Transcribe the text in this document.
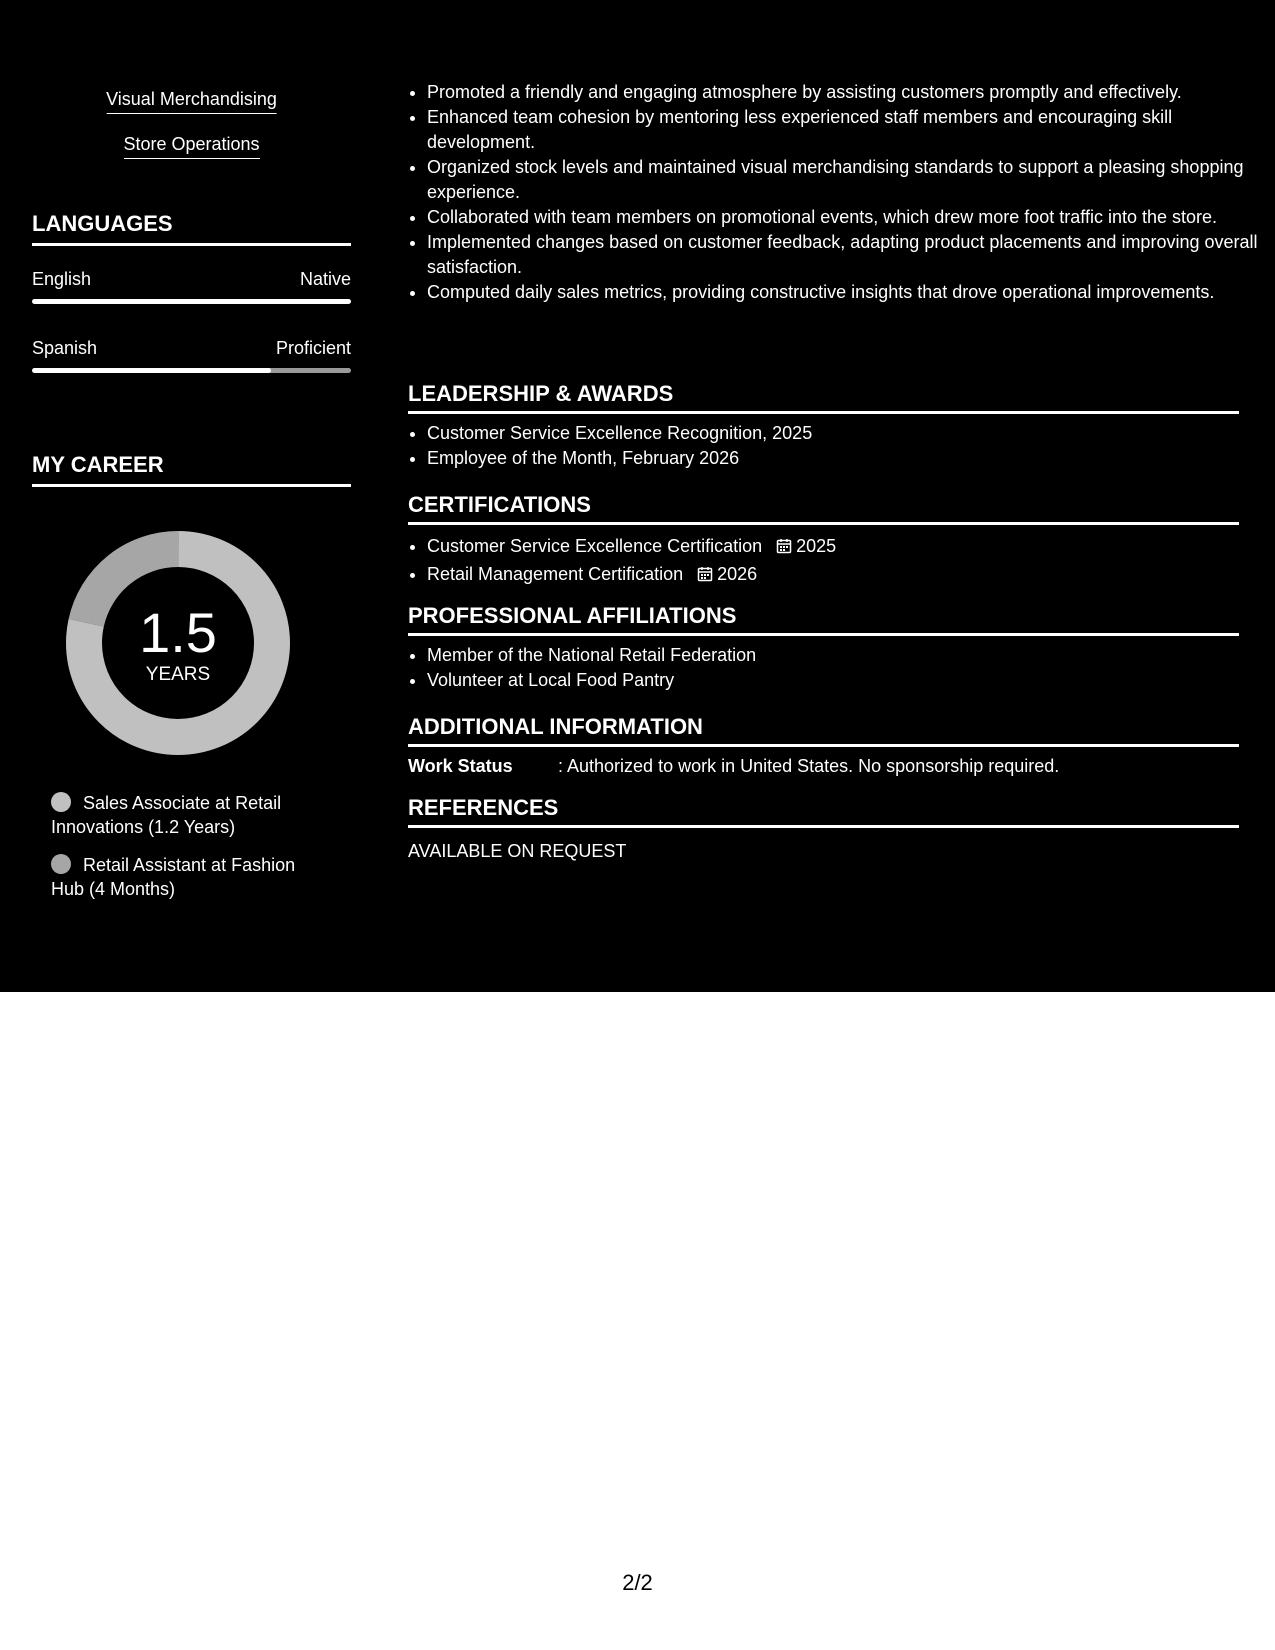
Visual Merchandising
Store Operations
LANGUAGES
English	Native
Spanish	Proficient
MY CAREER
1.5
YEARS
Sales Associate at Retail Innovations (1.2 Years)
Retail Assistant at Fashion Hub (4 Months)
• Promoted a friendly and engaging atmosphere by assisting customers promptly and effectively.
• Enhanced team cohesion by mentoring less experienced staff members and encouraging skill development.
• Organized stock levels and maintained visual merchandising standards to support a pleasing shopping experience.
• Collaborated with team members on promotional events, which drew more foot traffic into the store.
• Implemented changes based on customer feedback, adapting product placements and improving overall satisfaction.
• Computed daily sales metrics, providing constructive insights that drove operational improvements.
LEADERSHIP & AWARDS
• Customer Service Excellence Recognition, 2025
• Employee of the Month, February 2026
CERTIFICATIONS
• Customer Service Excellence Certification 2025
• Retail Management Certification 2026
PROFESSIONAL AFFILIATIONS
• Member of the National Retail Federation
• Volunteer at Local Food Pantry
ADDITIONAL INFORMATION
Work Status	: Authorized to work in United States. No sponsorship required.
REFERENCES
AVAILABLE ON REQUEST
2/2
